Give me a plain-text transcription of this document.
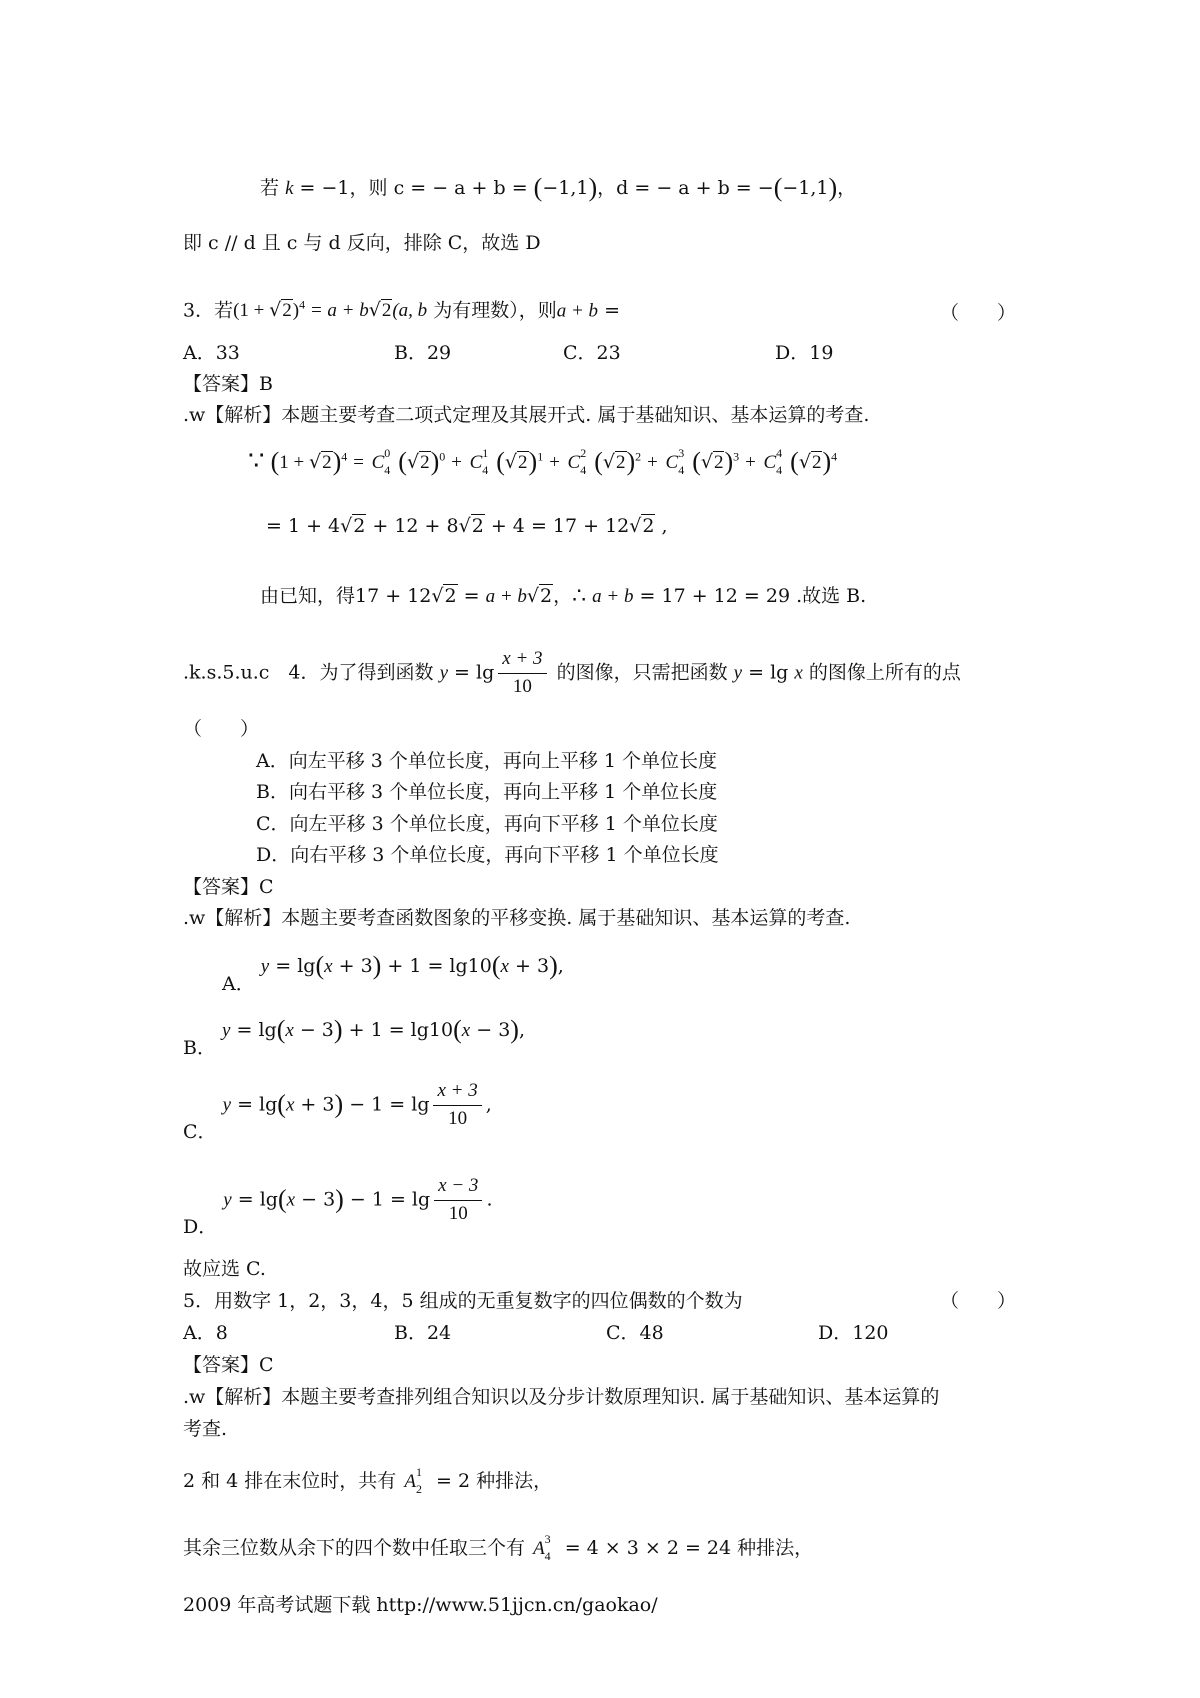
若 k = −1，则 c = − a + b = (−1,1)，d = − a + b = −(−1,1)，
即 c // d 且 c 与 d 反向，排除 C，故选 D
3．若$(1 + √2)^4 = a + b√2(a$, b 为有理数），则a + b =	（　　）
A．33	B．29	C．23	D．19
【答案】B
.w【解析】本题主要考查二项式定理及其展开式. 属于基础知识、基本运算的考查.
∵ $(1 + √2)^4 = C$ 0
4 $(√2)^0 + C$ 1
4 $(√2)^1 + C$ 2
4 $(√2)^2 + C$ 3
4 $(√2)^3 + C$ 4
4 $(√2)^4$
= 1 + 4√2 + 12 + 8√2 + 4 = 17 + 12√2 ,
由已知，得17 + 12√2 = a + b√2，∴ a + b = 17 + 12 = 29 .故选 B.
.k.s.5.u.c　4．为了得到函数 $y = \lg \frac{x + 3}{10}$ 的图像，只需把函数 y = lg x 的图像上所有的点
（　　）
A．向左平移 3 个单位长度，再向上平移 1 个单位长度
B．向右平移 3 个单位长度，再向上平移 1 个单位长度
C．向左平移 3 个单位长度，再向下平移 1 个单位长度
D．向右平移 3 个单位长度，再向下平移 1 个单位长度
【答案】C
.w【解析】本题主要考查函数图象的平移变换. 属于基础知识、基本运算的考查.
A． y = lg(x + 3) + 1 = lg10(x + 3),
B． y = lg(x − 3) + 1 = lg10(x − 3),
C． $y = \lg(x + 3) - 1 = \lg \frac{x + 3}{10}$ ,
D． $y = \lg(x - 3) - 1 = \lg \frac{x - 3}{10}$ .
故应选 C.
5．用数字 1，2，3，4，5 组成的无重复数字的四位偶数的个数为	（　　）
A．8	B．24	C．48	D．120
【答案】C
.w【解析】本题主要考查排列组合知识以及分步计数原理知识. 属于基础知识、基本运算的
考查.
2 和 4 排在末位时，共有 A 1
2 = 2 种排法，
其余三位数从余下的四个数中任取三个有 A 3
4 = 4 × 3 × 2 = 24 种排法，
2009 年高考试题下载 http://www.51jjcn.cn/gaokao/
